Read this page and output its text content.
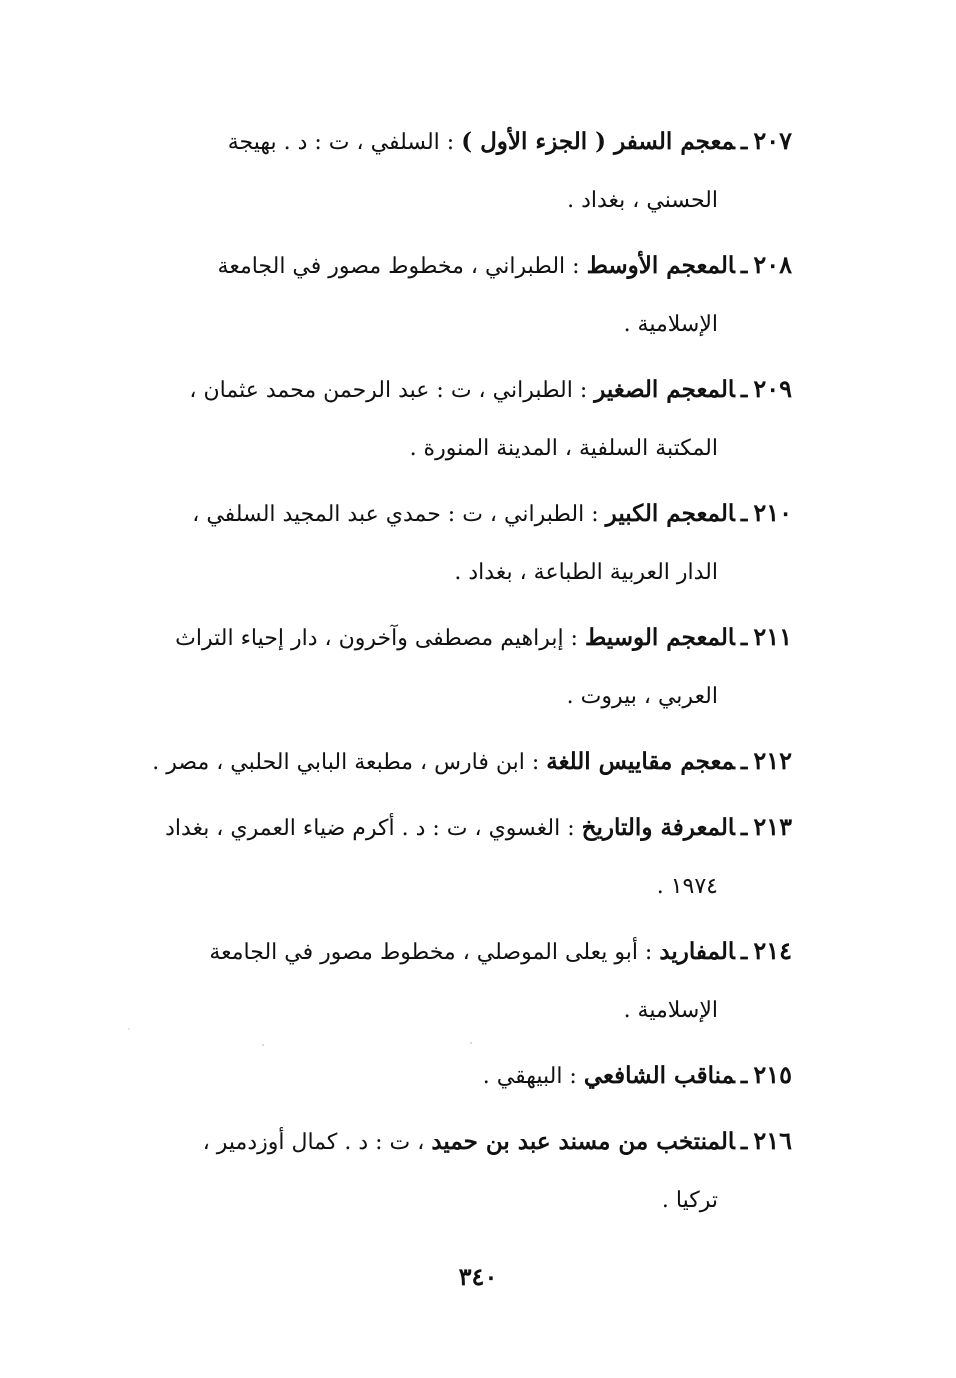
٢٠٧ـمعجم السفر ( الجزء الأول ) : السلفي ، ت : د . بهيجة
الحسني ، بغداد .
٢٠٨ـالمعجم الأوسط : الطبراني ، مخطوط مصور في الجامعة
الإسلامية .
٢٠٩ـالمعجم الصغير : الطبراني ، ت : عبد الرحمن محمد عثمان ،
المكتبة السلفية ، المدينة المنورة .
٢١٠ـالمعجم الكبير : الطبراني ، ت : حمدي عبد المجيد السلفي ،
الدار العربية الطباعة ، بغداد .
٢١١ـالمعجم الوسيط : إبراهيم مصطفى وآخرون ، دار إحياء التراث
العربي ، بيروت .
٢١٢ـمعجم مقاييس اللغة : ابن فارس ، مطبعة البابي الحلبي ، مصر .
٢١٣ـالمعرفة والتاريخ : الغسوي ، ت : د . أكرم ضياء العمري ، بغداد
١٩٧٤ .
٢١٤ـالمفاريد : أبو يعلى الموصلي ، مخطوط مصور في الجامعة
الإسلامية .
٢١٥ـمناقب الشافعي : البيهقي .
٢١٦ـالمنتخب من مسند عبد بن حميد ، ت : د . كمال أوزدمير ،
تركيا .
٣٤٠
